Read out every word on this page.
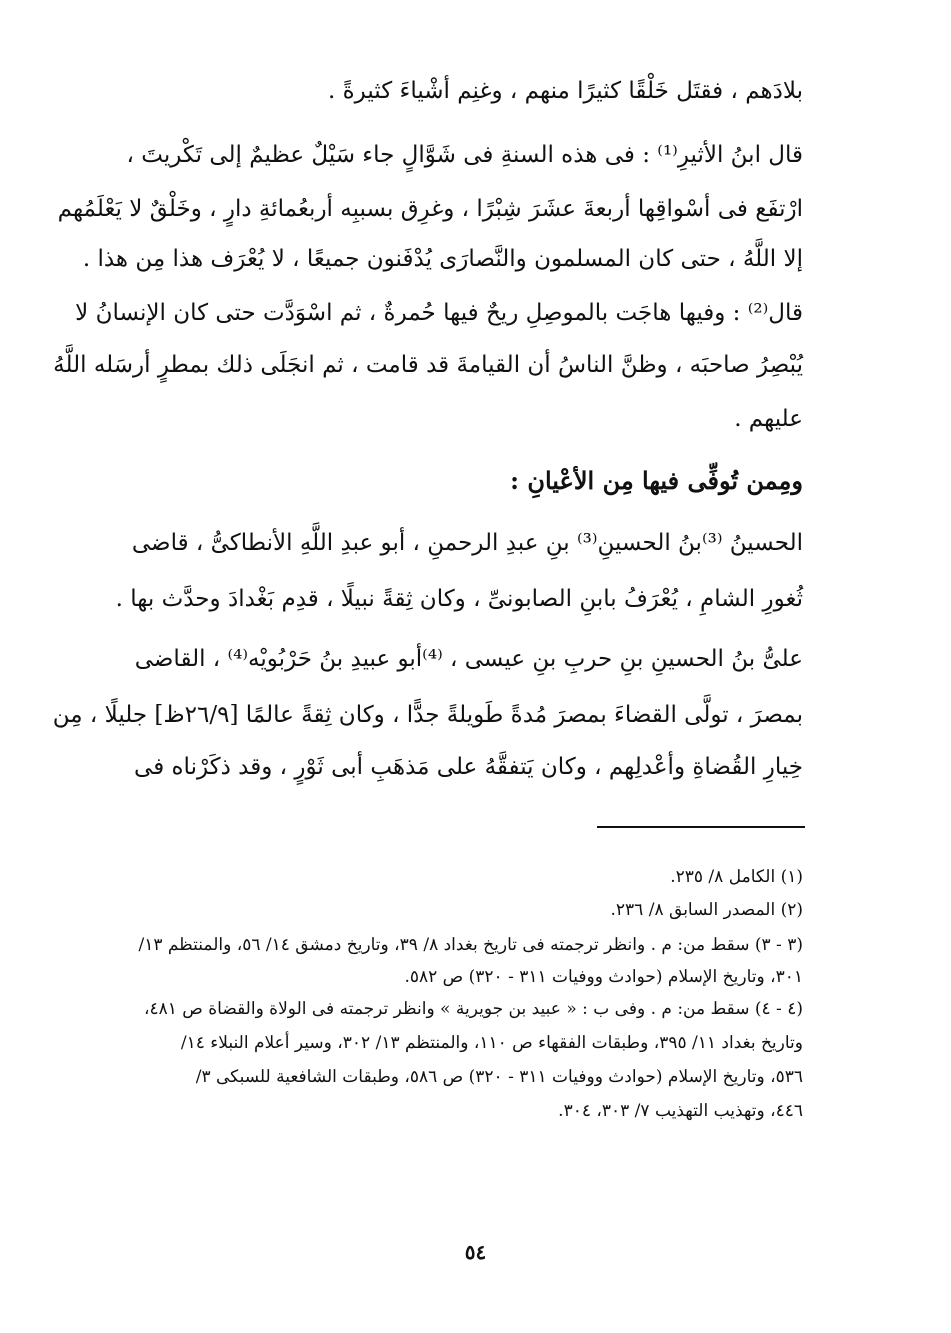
بلادَهم ، فقتَل خَلْقًا كثيرًا منهم ، وغنِم أشْياءَ كثيرةً .
قال ابنُ الأثيرِ⁽¹⁾ : فى هذه السنةِ فى شَوَّالٍ جاء سَيْلٌ عظيمٌ إلى تَكْريتَ ،
ارْتفَع فى أسْواقِها أربعةَ عشَرَ شِبْرًا ، وغرِق بسببِه أربعُمائةِ دارٍ ، وخَلْقٌ لا يَعْلَمُهم
إلا اللَّهُ ، حتى كان المسلمون والنَّصارَى يُدْفَنون جميعًا ، لا يُعْرَف هذا مِن هذا .
قال⁽²⁾ : وفيها هاجَت بالموصِلِ ريحٌ فيها حُمرةٌ ، ثم اسْوَدَّت حتى كان الإنسانُ لا
يُبْصِرُ صاحبَه ، وظنَّ الناسُ أن القيامةَ قد قامت ، ثم انجَلَى ذلك بمطرٍ أرسَله اللَّهُ
عليهم .
ومِمن تُوفِّى فيها مِن الأعْيانِ :
الحسينُ ⁽³⁾بنُ الحسينِ⁽³⁾ بنِ عبدِ الرحمنِ ، أبو عبدِ اللَّهِ الأنطاكىُّ ، قاضى
ثُغورِ الشامِ ، يُعْرَفُ بابنِ الصابونىِّ ، وكان ثِقةً نبيلًا ، قدِم بَغْدادَ وحدَّث بها .
علىُّ بنُ الحسينِ بنِ حربِ بنِ عيسى ، ⁽⁴⁾أبو عبيدِ بنُ حَرْبُويْه⁽⁴⁾ ، القاضى
بمصرَ ، تولَّى القضاءَ بمصرَ مُدةً طَويلةً جدًّا ، وكان ثِقةً عالمًا [٢٦/٩ظ] جليلًا ، مِن
خِيارِ القُضاةِ وأعْدلِهم ، وكان يَتفقَّهُ على مَذهَبِ أبى ثَوْرٍ ، وقد ذكَرْناه فى
(١) الكامل ٨/ ٢٣٥.
(٢) المصدر السابق ٨/ ٢٣٦.
(٣ - ٣) سقط من: م . وانظر ترجمته فى تاريخ بغداد ٨/ ٣٩، وتاريخ دمشق ١٤/ ٥٦، والمنتظم ١٣/
٣٠١، وتاريخ الإسلام (حوادث ووفيات ٣١١ - ٣٢٠) ص ٥٨٢.
(٤ - ٤) سقط من: م . وفى ب : « عبيد بن جويرية » وانظر ترجمته فى الولاة والقضاة ص ٤٨١،
وتاريخ بغداد ١١/ ٣٩٥، وطبقات الفقهاء ص ١١٠، والمنتظم ١٣/ ٣٠٢، وسير أعلام النبلاء ١٤/
٥٣٦، وتاريخ الإسلام (حوادث ووفيات ٣١١ - ٣٢٠) ص ٥٨٦، وطبقات الشافعية للسبكى ٣/
٤٤٦، وتهذيب التهذيب ٧/ ٣٠٣، ٣٠٤.
٥٤
